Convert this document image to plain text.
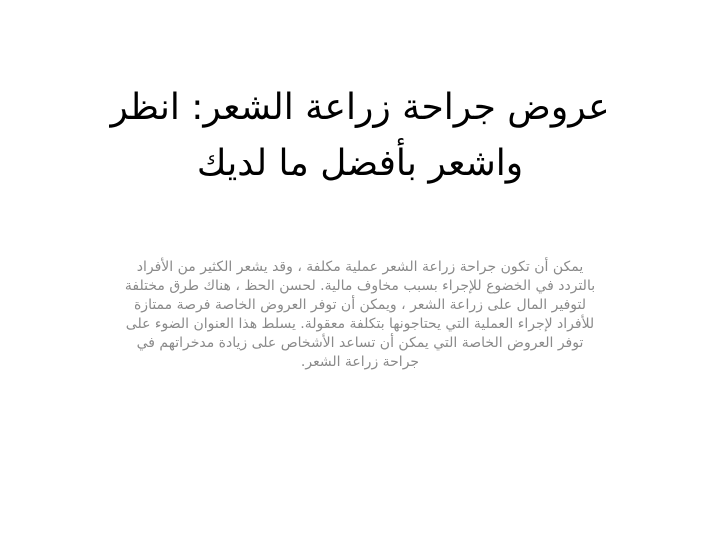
عروض جراحة زراعة الشعر: انظر واشعر بأفضل ما لديك

يمكن أن تكون جراحة زراعة الشعر عملية مكلفة ، وقد يشعر الكثير من الأفراد بالتردد في الخضوع للإجراء بسبب مخاوف مالية. لحسن الحظ ، هناك طرق مختلفة لتوفير المال على زراعة الشعر ، ويمكن أن توفر العروض الخاصة فرصة ممتازة للأفراد لإجراء العملية التي يحتاجونها بتكلفة معقولة. يسلط هذا العنوان الضوء على توفر العروض الخاصة التي يمكن أن تساعد الأشخاص على زيادة مدخراتهم في جراحة زراعة الشعر.
